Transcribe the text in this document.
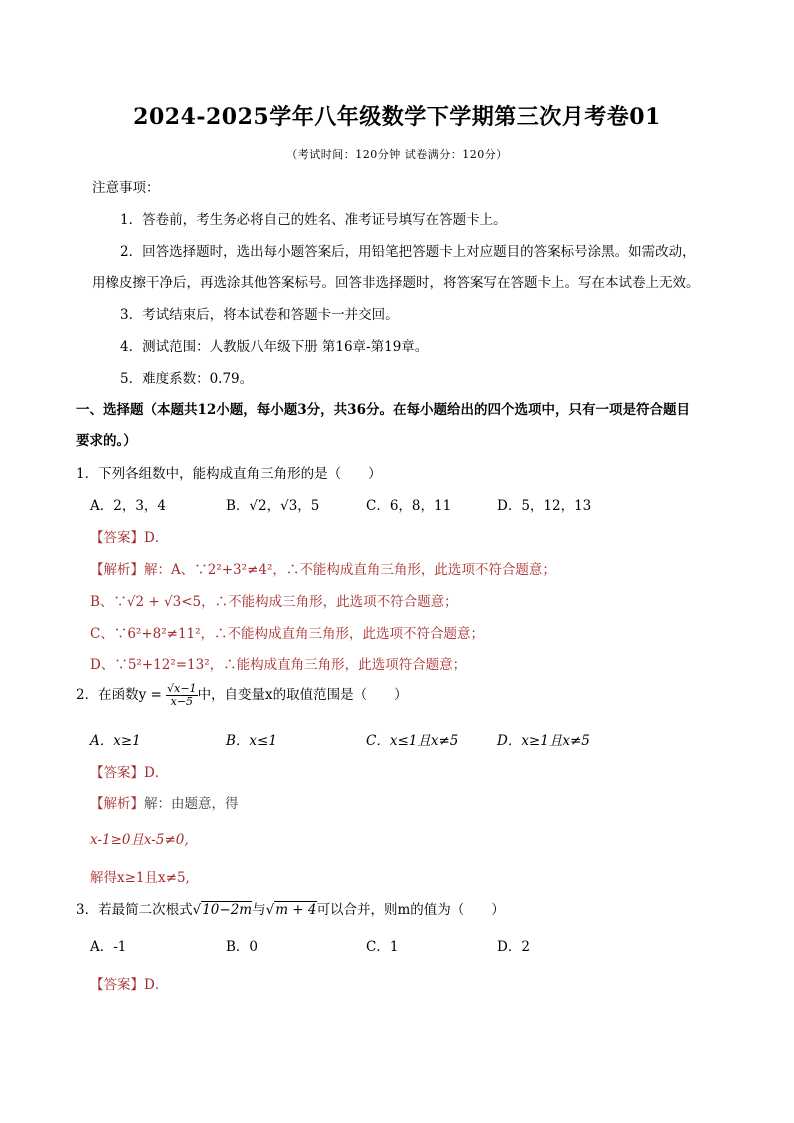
2024-2025学年八年级数学下学期第三次月考卷01
（考试时间：120分钟 试卷满分：120分）
注意事项：
1．答卷前，考生务必将自己的姓名、准考证号填写在答题卡上。
2．回答选择题时，选出每小题答案后，用铅笔把答题卡上对应题目的答案标号涂黑。如需改动，
用橡皮擦干净后，再选涂其他答案标号。回答非选择题时，将答案写在答题卡上。写在本试卷上无效。
3．考试结束后，将本试卷和答题卡一并交回。
4．测试范围：人教版八年级下册 第16章-第19章。
5．难度系数：0.79。
一、选择题（本题共12小题，每小题3分，共36分。在每小题给出的四个选项中，只有一项是符合题目
要求的。）
1．下列各组数中，能构成直角三角形的是（　　）
A．2，3，4	B．√2，√3，5	C．6，8，11	D．5，12，13
【答案】D．
【解析】解：A、∵2²+3²≠4²，∴不能构成直角三角形，此选项不符合题意；
B、∵√2 + √3<5，∴不能构成三角形，此选项不符合题意；
C、∵6²+8²≠11²，∴不能构成直角三角形，此选项不符合题意；
D、∵5²+12²=13²，∴能构成直角三角形，此选项符合题意；
2．在函数$y = \frac{√x-1}{x-5}$ 中，自变量x的取值范围是（　　）
A．x≥1	B．x≤1	C．x≤1且x≠5	D．x≥1且x≠5
【答案】D．
【解析】解：由题意，得
x-1≥0且x-5≠0,
解得x≥1且x≠5,
3．若最简二次根式√10−2m与√m + 4可以合并，则m的值为（　　）
A．-1	B．0	C．1	D．2
【答案】D．
